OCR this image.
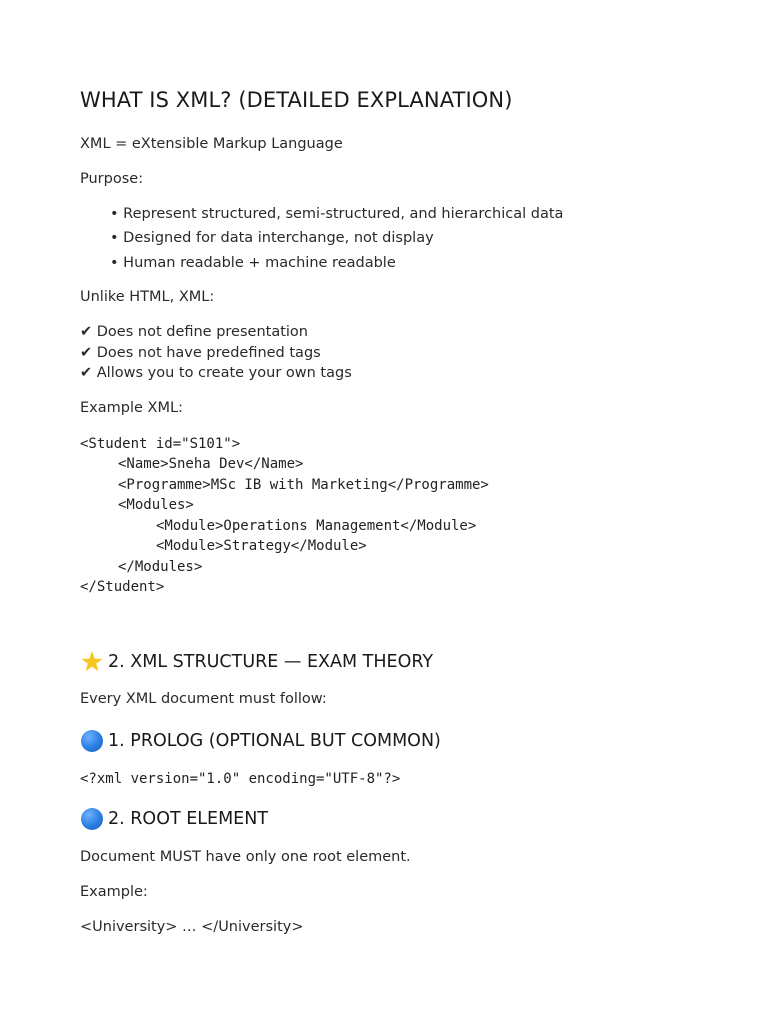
WHAT IS XML? (DETAILED EXPLANATION)
XML = eXtensible Markup Language
Purpose:
• Represent structured, semi-structured, and hierarchical data
• Designed for data interchange, not display
• Human readable + machine readable
Unlike HTML, XML:
✔ Does not define presentation
✔ Does not have predefined tags
✔ Allows you to create your own tags
Example XML:
<Student id="S101">
<Name>Sneha Dev</Name>
<Programme>MSc IB with Marketing</Programme>
<Modules>
<Module>Operations Management</Module>
<Module>Strategy</Module>
</Modules>
</Student>
2. XML STRUCTURE — EXAM THEORY
Every XML document must follow:
1. PROLOG (OPTIONAL BUT COMMON)
<?xml version="1.0" encoding="UTF-8"?>
2. ROOT ELEMENT
Document MUST have only one root element.
Example:
<University> … </University>
